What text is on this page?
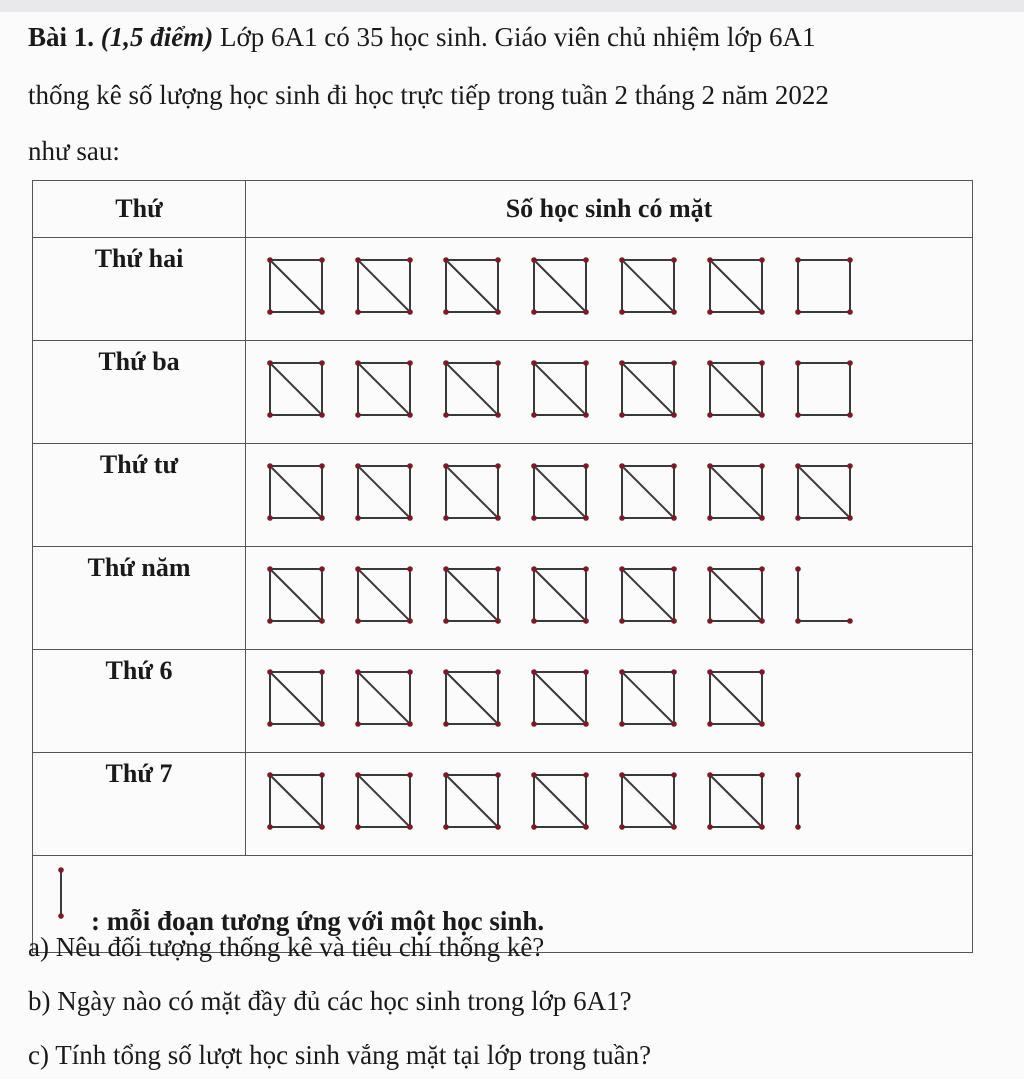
Bài 1. (1,5 điểm) Lớp 6A1 có 35 học sinh. Giáo viên chủ nhiệm lớp 6A1
thống kê số lượng học sinh đi học trực tiếp trong tuần 2 tháng 2 năm 2022
như sau:
Thứ	Số học sinh có mặt
Thứ hai	

Thứ ba	

Thứ tư	

Thứ năm	

Thứ 6	

Thứ 7	

: mỗi đoạn tương ứng với một học sinh.	
a) Nêu đối tượng thống kê và tiêu chí thống kê?
b) Ngày nào có mặt đầy đủ các học sinh trong lớp 6A1?
c) Tính tổng số lượt học sinh vắng mặt tại lớp trong tuần?
